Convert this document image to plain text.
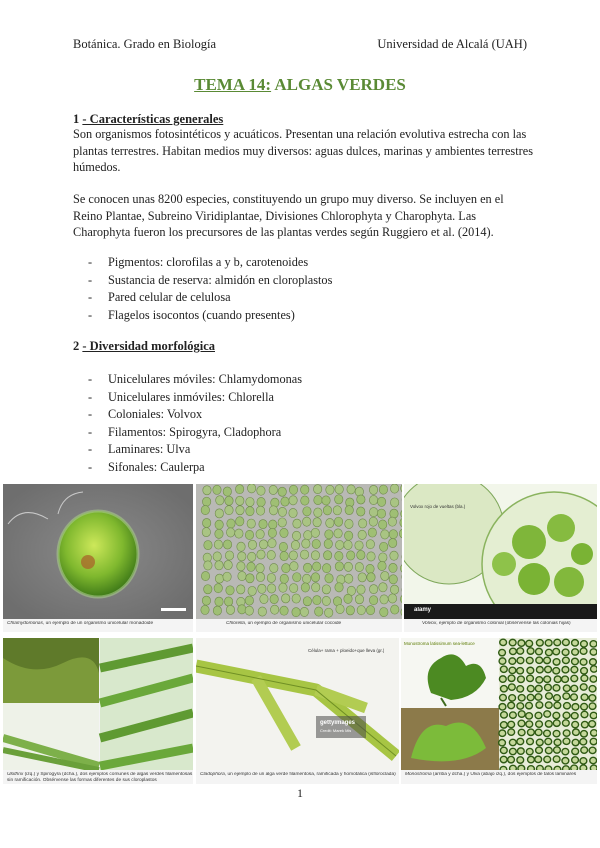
Botánica. Grado en Biología	Universidad de Alcalá (UAH)
TEMA 14: ALGAS VERDES
1 - Características generales
Son organismos fotosintéticos y acuáticos. Presentan una relación evolutiva estrecha con las plantas terrestres. Habitan medios muy diversos: aguas dulces, marinas y ambientes terrestres húmedos.
Se conocen unas 8200 especies, constituyendo un grupo muy diverso. Se incluyen en el Reino Plantae, Subreino Viridiplantae, Divisiones Chlorophyta y Charophyta. Las Charophyta fueron los precursores de las plantas verdes según Ruggiero et al. (2014).
- Pigmentos: clorofilas a y b, carotenoides
- Sustancia de reserva: almidón en cloroplastos
- Pared celular de celulosa
- Flagelos isocontos (cuando presentes)
2 - Diversidad morfológica
- Unicelulares móviles: Chlamydomonas
- Unicelulares inmóviles: Chlorella
- Coloniales: Volvox
- Filamentos: Spirogyra, Cladophora
- Laminares: Ulva
- Sifonales: Caulerpa
Chlamydomonas, un ejemplo de un organismo unicelular monadoide	Chlorella, un ejemplo de organismo unicelular cocoide
Volvox rojo de vueltas (bla.)
alamy
Volvox, ejemplo de organismo colonial (obsérvense las colonias hijas)
Ulothrix (izq.) y Spirogyra (dcha.), dos ejemplos comunes de algas verdes filamentosas sin ramificación. Obsérvense las formas diferentes de sus cloroplastos
Célula+ rama + ploeido+que lleva (gr.)
gettyimages
Credit: Marek Mis
Cladophora, un ejemplo de un alga verde filamentosa, ramificada y homotálica (isfloroclada)
Monostroma latissimum sea-lettuce
Monostroma (arriba y dcha.) y Ulva (abajo izq.), dos ejemplos de talos laminares
1
